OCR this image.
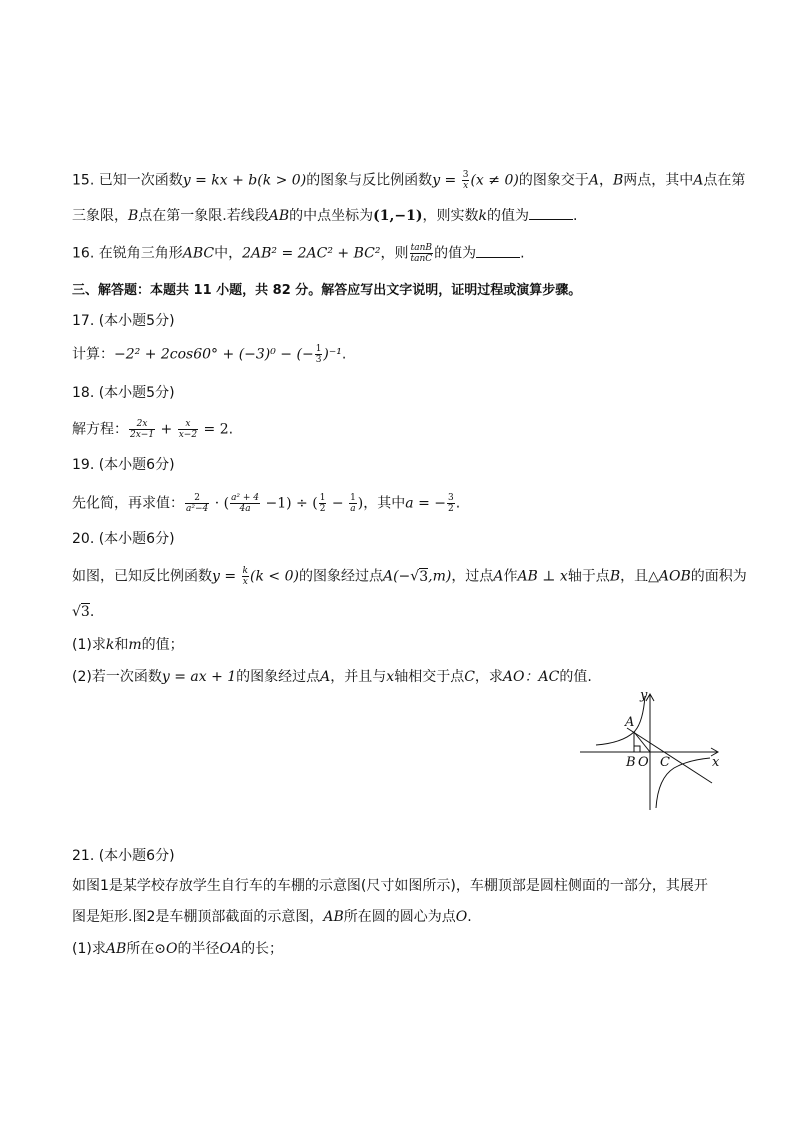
15. 已知一次函数y = kx + b(k > 0)的图象与反比例函数$y = \frac{3}{x} (x \ne 0)$的图象交于A，B两点，其中A点在第
三象限，B点在第一象限.若线段AB的中点坐标为(1,−1)，则实数k的值为	.
16. 在锐角三角形ABC中，2AB² = 2AC² + BC²，则 $\frac{\tan B}{\tan C}$ 的值为	.
三、解答题：本题共 11 小题，共 82 分。解答应写出文字说明，证明过程或演算步骤。
17. (本小题5分)
计算：−2² + 2cos60° + (−3)⁰ − (− $\frac{1}{3} )^{-1}$.
18. (本小题5分)
解方程： $\frac{2x}{2x-1} + \frac{x}{x-2} = 2$.
19. (本小题6分)
先化简，再求值： $\frac{2}{\text{a²−4}}$ · ( $\frac{\text{a² + 4}}{4a} -1$) ÷ ( $\frac{1}{2} - \frac{1}{a}$ )，其中a = − $\frac{3}{2}$ .
20. (本小题6分)
如图，已知反比例函数$y = \frac{k}{x} (k < 0)$的图象经过点A(−√3,m)，过点A作AB ⊥ x轴于点B，且△AOB的面积为
√3.
(1)求k和m的值；
(2)若一次函数y = ax + 1的图象经过点A，并且与x轴相交于点C，求AO：AC的值.
y
x
A
B O C
21. (本小题6分)
如图1是某学校存放学生自行车的车棚的示意图(尺寸如图所示)，车棚顶部是圆柱侧面的一部分，其展开
图是矩形.图2是车棚顶部截面的示意图，AB所在圆的圆心为点O.
(1)求AB所在⊙O的半径OA的长；
